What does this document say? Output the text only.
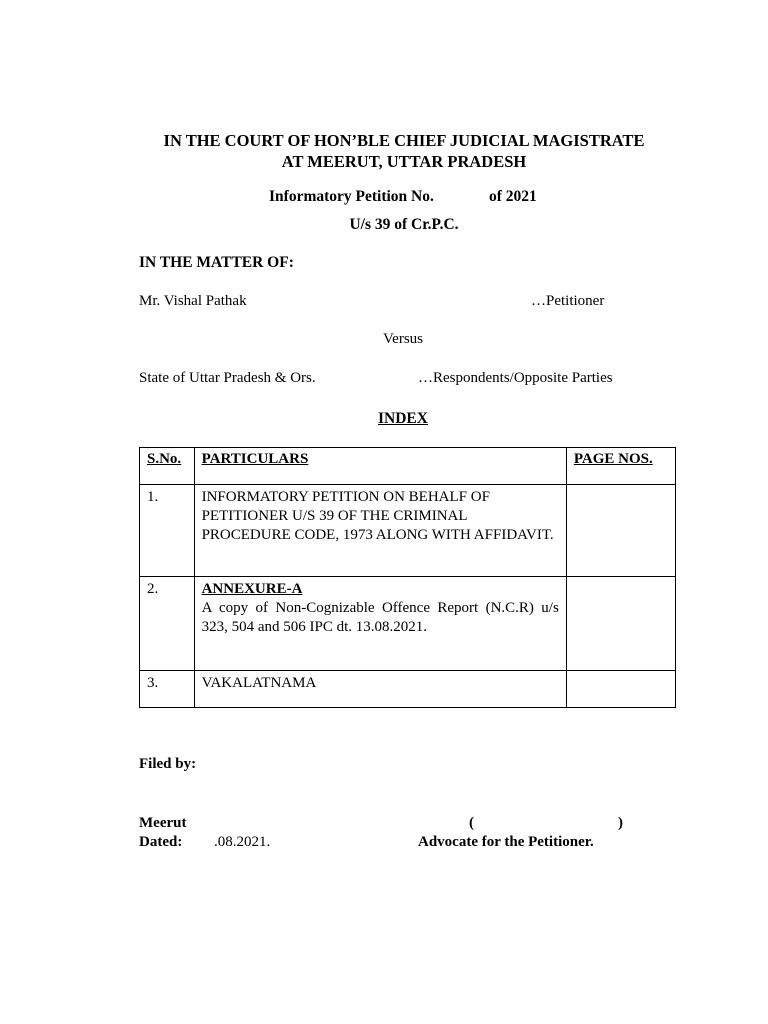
IN THE COURT OF HON’BLE CHIEF JUDICIAL MAGISTRATE
AT MEERUT, UTTAR PRADESH
Informatory Petition No.	of 2021
U/s 39 of Cr.P.C.
IN THE MATTER OF:
Mr. Vishal Pathak	…Petitioner
Versus
State of Uttar Pradesh & Ors.	…Respondents/Opposite Parties
INDEX
S.No.	PARTICULARS	PAGE NOS.
1.	INFORMATORY PETITION ON BEHALF OF PETITIONER U/S 39 OF THE CRIMINAL PROCEDURE CODE, 1973 ALONG WITH AFFIDAVIT.	
2.	ANNEXURE-A
A copy of Non-Cognizable Offence Report (N.C.R) u/s 323, 504 and 506 IPC dt. 13.08.2021.	

3.	VAKALATNAMA	
Filed by:
Meerut	(	)
Dated: .08.2021.	Advocate for the Petitioner.
